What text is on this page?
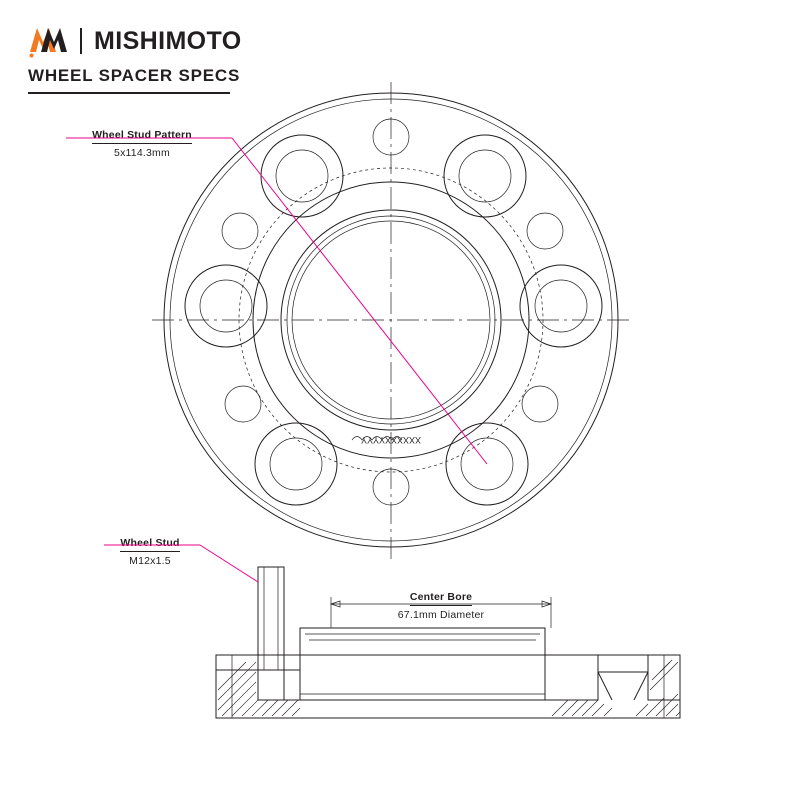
MISHIMOTO
WHEEL SPACER SPECS
Wheel Stud Pattern
5x114.3mm
Wheel Stud
M12x1.5
Center Bore
67.1mm Diameter
XXXXXXYYYY
